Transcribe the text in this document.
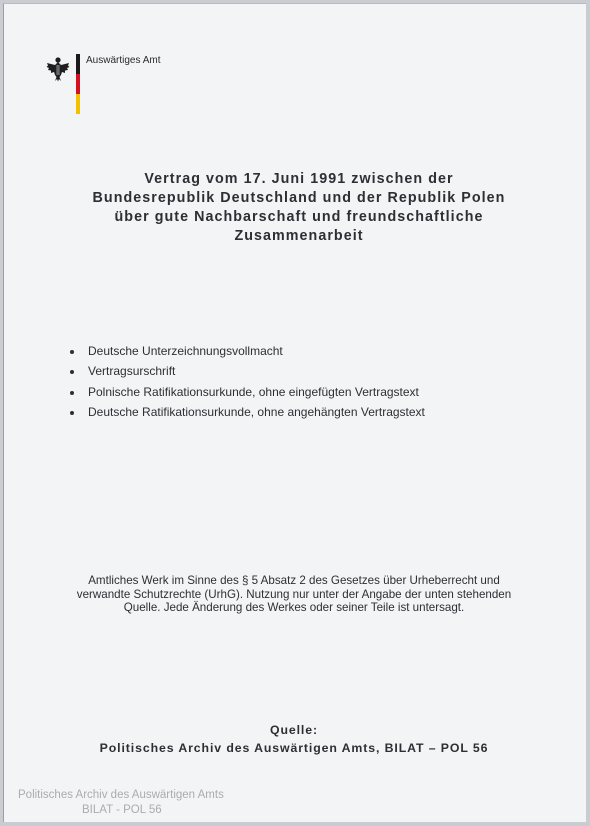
Auswärtiges Amt
Vertrag vom 17. Juni 1991 zwischen der
Bundesrepublik Deutschland und der Republik Polen
über gute Nachbarschaft und freundschaftliche
Zusammenarbeit
Deutsche Unterzeichnungsvollmacht
Vertragsurschrift
Polnische Ratifikationsurkunde, ohne eingefügten Vertragstext
Deutsche Ratifikationsurkunde, ohne angehängten Vertragstext
Amtliches Werk im Sinne des § 5 Absatz 2 des Gesetzes über Urheberrecht und
verwandte Schutzrechte (UrhG). Nutzung nur unter der Angabe der unten stehenden
Quelle. Jede Änderung des Werkes oder seiner Teile ist untersagt.
Quelle:
Politisches Archiv des Auswärtigen Amts, BILAT – POL 56
Politisches Archiv des Auswärtigen Amts
BILAT - POL 56
